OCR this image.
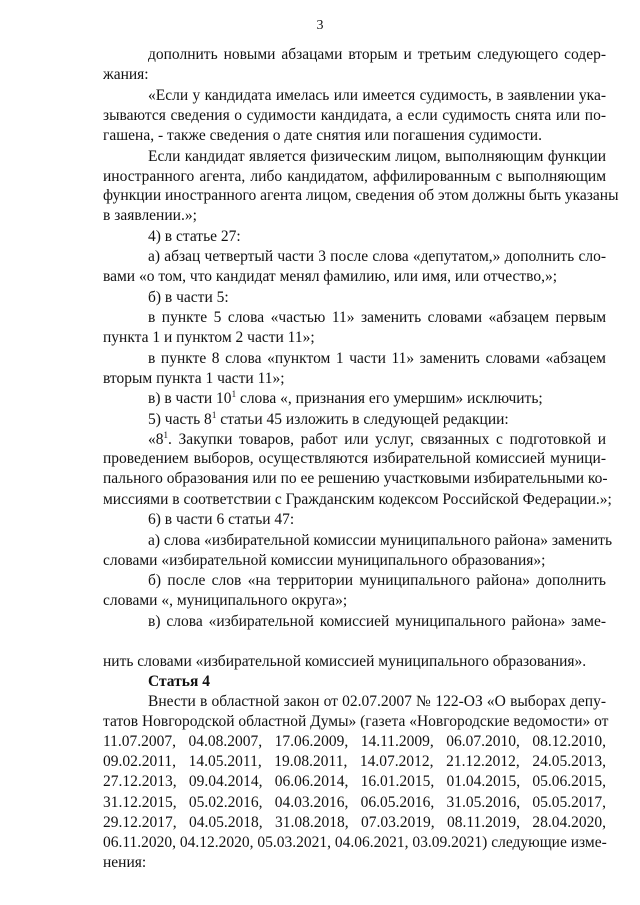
3
дополнить новыми абзацами вторым и третьим следующего содер-
жания:
«Если у кандидата имелась или имеется судимость, в заявлении ука-
зываются сведения о судимости кандидата, а если судимость снята или по-
гашена, - также сведения о дате снятия или погашения судимости.
Если кандидат является физическим лицом, выполняющим функции
иностранного агента, либо кандидатом, аффилированным с выполняющим
функции иностранного агента лицом, сведения об этом должны быть указаны
в заявлении.»;
4) в статье 27:
а) абзац четвертый части 3 после слова «депутатом,» дополнить сло-
вами «о том, что кандидат менял фамилию, или имя, или отчество,»;
б) в части 5:
в пункте 5 слова «частью 11» заменить словами «абзацем первым
пункта 1 и пунктом 2 части 11»;
в пункте 8 слова «пунктом 1 части 11» заменить словами «абзацем
вторым пункта 1 части 11»;
в) в части $10^1$ слова «, признания его умершим» исключить;
5) часть $8^1$ статьи 45 изложить в следующей редакции:
«$8^1$. Закупки товаров, работ или услуг, связанных с подготовкой и
проведением выборов, осуществляются избирательной комиссией муници-
пального образования или по ее решению участковыми избирательными ко-
миссиями в соответствии с Гражданским кодексом Российской Федерации.»;
6) в части 6 статьи 47:
а) слова «избирательной комиссии муниципального района» заменить
словами «избирательной комиссии муниципального образования»;
б) после слов «на территории муниципального района» дополнить
словами «, муниципального округа»;
в) слова «избирательной комиссией муниципального района» заме-
нить словами «избирательной комиссией муниципального образования».
Статья 4
Внести в областной закон от 02.07.2007 № 122-ОЗ «О выборах депу-
татов Новгородской областной Думы» (газета «Новгородские ведомости» от
11.07.2007, 04.08.2007, 17.06.2009, 14.11.2009, 06.07.2010, 08.12.2010,
09.02.2011, 14.05.2011, 19.08.2011, 14.07.2012, 21.12.2012, 24.05.2013,
27.12.2013, 09.04.2014, 06.06.2014, 16.01.2015, 01.04.2015, 05.06.2015,
31.12.2015, 05.02.2016, 04.03.2016, 06.05.2016, 31.05.2016, 05.05.2017,
29.12.2017, 04.05.2018, 31.08.2018, 07.03.2019, 08.11.2019, 28.04.2020,
06.11.2020, 04.12.2020, 05.03.2021, 04.06.2021, 03.09.2021) следующие изме-
нения:
